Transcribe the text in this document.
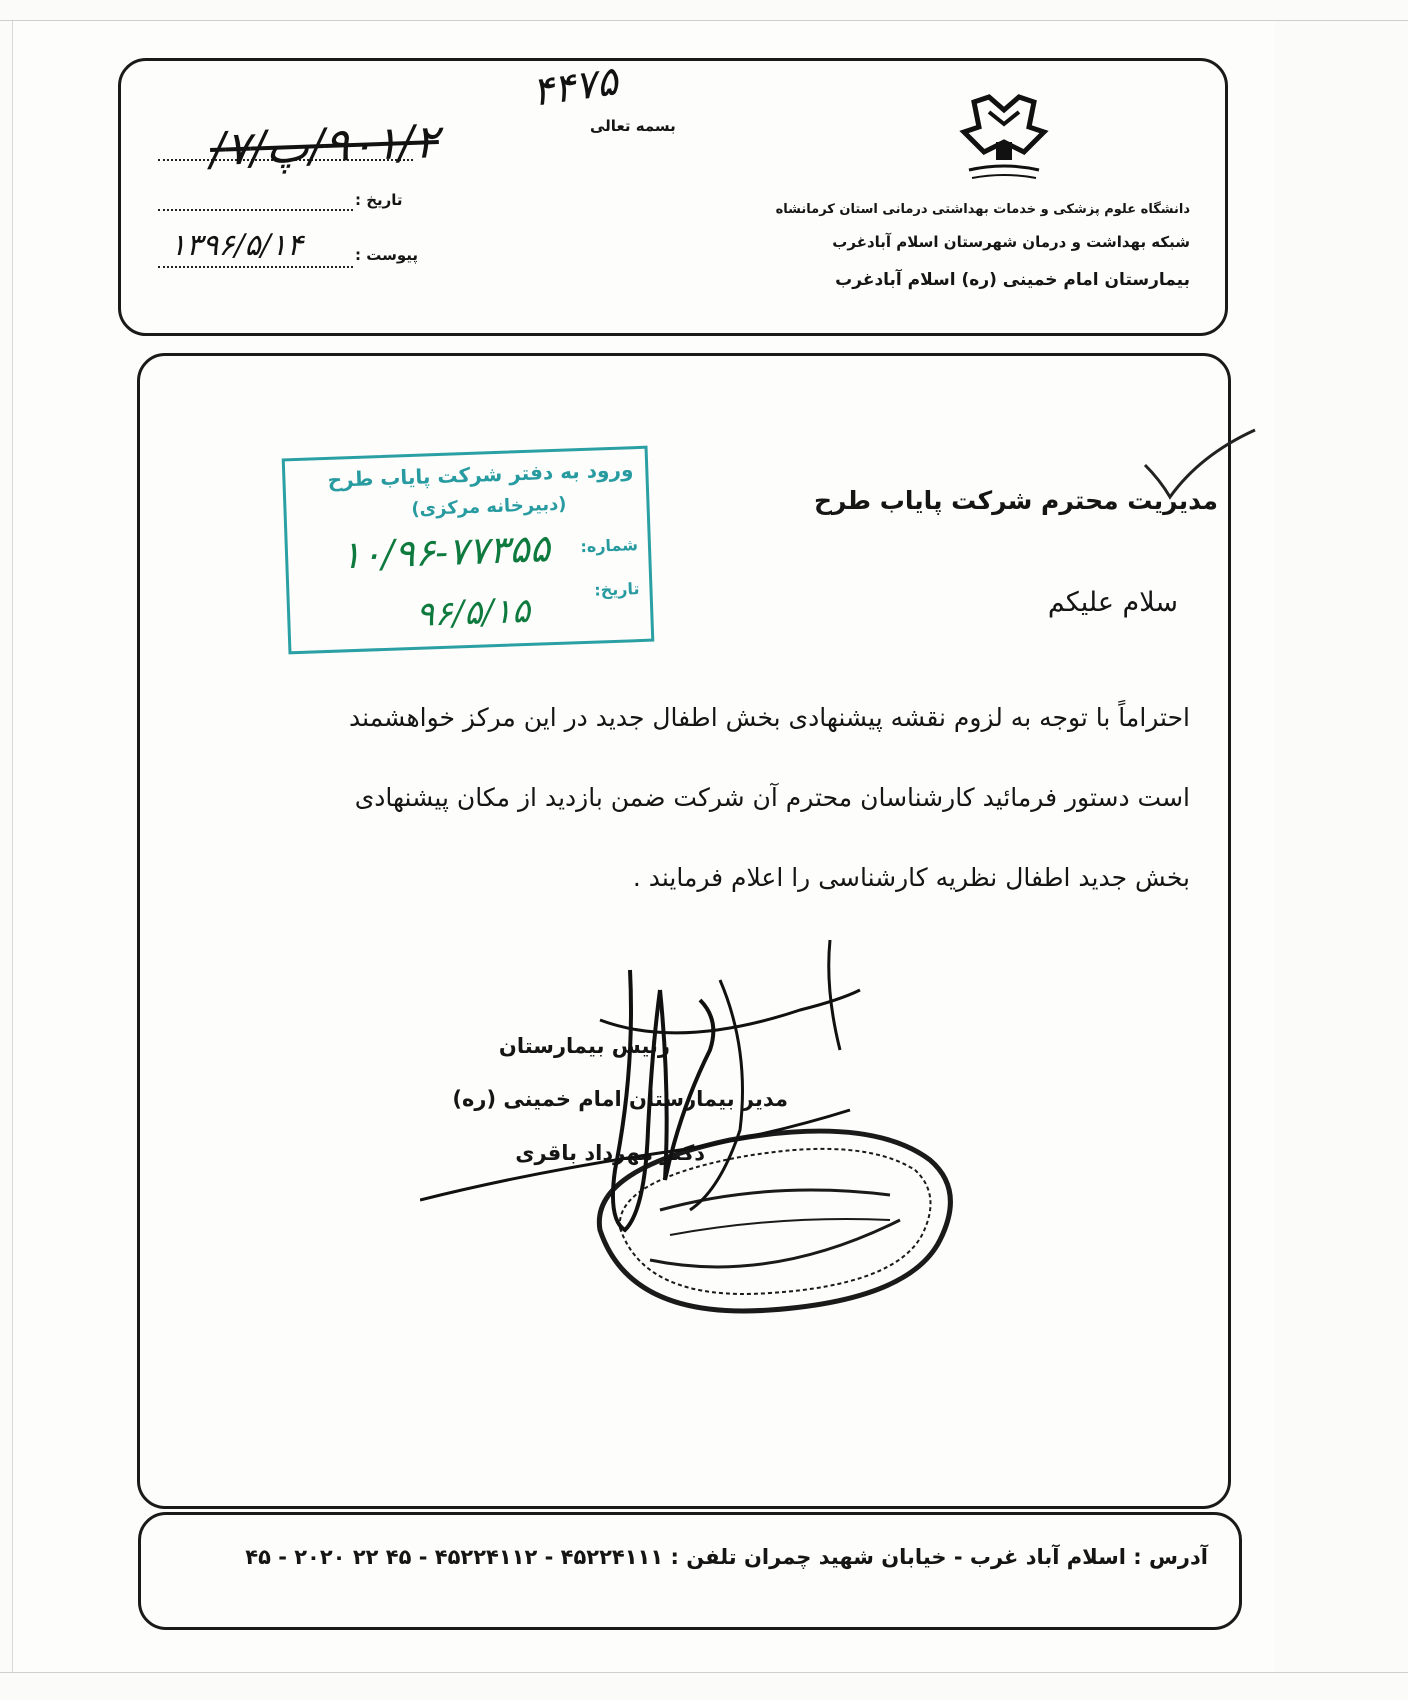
دانشگاه علوم پزشکی و خدمات بهداشتی درمانی استان کرمانشاه
شبکه بهداشت و درمان شهرستان اسلام آبادغرب
بیمارستان امام خمینی (ره) اسلام آبادغرب
بسمه تعالی
تاریخ :
پیوست :
۹۰۱/۲/پ/۷/
۱۳۹۶/۵/۱۴
۴۴۷۵
ورود به دفتر شرکت پایاب طرح
(دبیرخانه مرکزی)
شماره:
۱۰/۹۶-۷۷۳۵۵
تاریخ:
۹۶/۵/۱۵
مدیریت محترم شرکت پایاب طرح
سلام علیکم
احتراماً با توجه به لزوم نقشه پیشنهادی بخش اطفال جدید در این مرکز خواهشمند
است دستور فرمائید کارشناسان محترم آن شرکت ضمن بازدید از مکان پیشنهادی
بخش جدید اطفال نظریه کارشناسی را اعلام فرمایند .
رئیس بیمارستان
مدیر بیمارستان امام خمینی (ره)
دکتر مهرداد باقری
آدرس : اسلام آباد غرب - خیابان شهید چمران تلفن : ۴۵۲۲۴۱۱۱ - ۴۵۲۲۴۱۱۲ - ۴۵ ۲۲ ۲۰۲۰ - ۴۵
